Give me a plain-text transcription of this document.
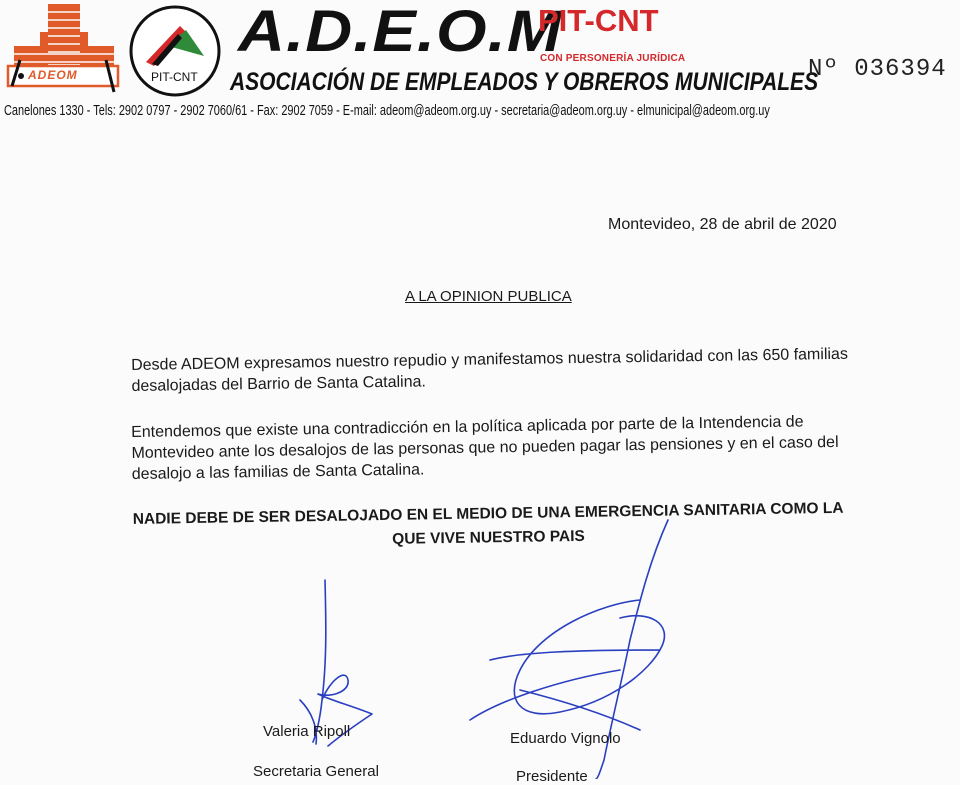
ADEOM	PIT-CNT
A.D.E.O.M
PIT-CNT
CON PERSONERÍA JURÍDICA
ASOCIACIÓN DE EMPLEADOS Y OBREROS MUNICIPALES
Nº 036394
Canelones 1330 - Tels: 2902 0797 - 2902 7060/61 - Fax: 2902 7059 - E-mail: adeom@adeom.org.uy - secretaria@adeom.org.uy - elmunicipal@adeom.org.uy
Montevideo, 28 de abril de 2020
A LA OPINION PUBLICA

Desde ADEOM expresamos nuestro repudio y manifestamos nuestra solidaridad con las 650 familias desalojadas del Barrio de Santa Catalina.

Entendemos que existe una contradicción en la política aplicada por parte de la Intendencia de Montevideo ante los desalojos de las personas que no pueden pagar las pensiones y en el caso del desalojo a las familias de Santa Catalina.

NADIE DEBE DE SER DESALOJADO EN EL MEDIO DE UNA EMERGENCIA SANITARIA COMO LA
QUE VIVE NUESTRO PAIS
Valeria Ripoll
Secretaria General
Eduardo Vignolo
Presidente
